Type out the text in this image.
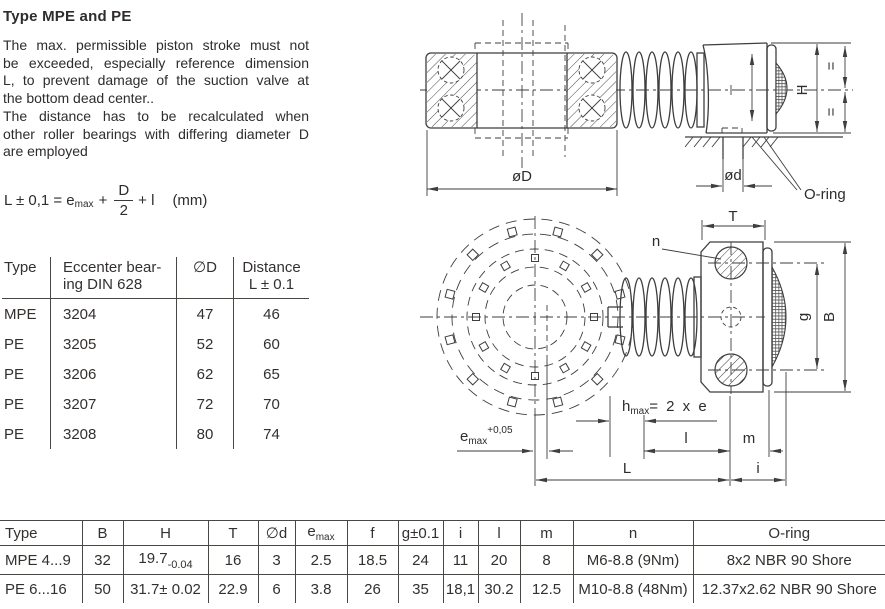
Type MPE and PE
The max. permissible piston stroke must not
be exceeded, especially reference dimension
L, to prevent damage of the suction valve at
the bottom dead center..
The distance has to be recalculated when
other roller bearings with differing diameter D
are employed
$L \pm 0,1 = e_{max} + \frac{D}{2} + l$ (mm)
Type	Eccenter bear-
ing DIN 628
	∅D	Distance
L ± 0.1

MPE	3204	47	46
PE	3205	52	60
PE	3206	62	65
PE	3207	72	70
PE	3208	80	74
øD	ød
H
=
=
O-ring
T
n
g B
$h_{max}= 2$ x e
$e_{max}^{+0,05}$	l	m
L	i
Type	B	H	T	∅d	$e_{max}$	f	g±0.1	i	l	m	n	O-ring
MPE 4...9	32	$19.7_{-0.04}$	16	3	2.5	18.5	24	11	20	8	M6-8.8 (9Nm)	8x2 NBR 90 Shore
PE 6...16	50	31.7± 0.02	22.9	6	3.8	26	35	18,1	30.2	12.5	M10-8.8 (48Nm)	12.37x2.62 NBR 90 Shore
